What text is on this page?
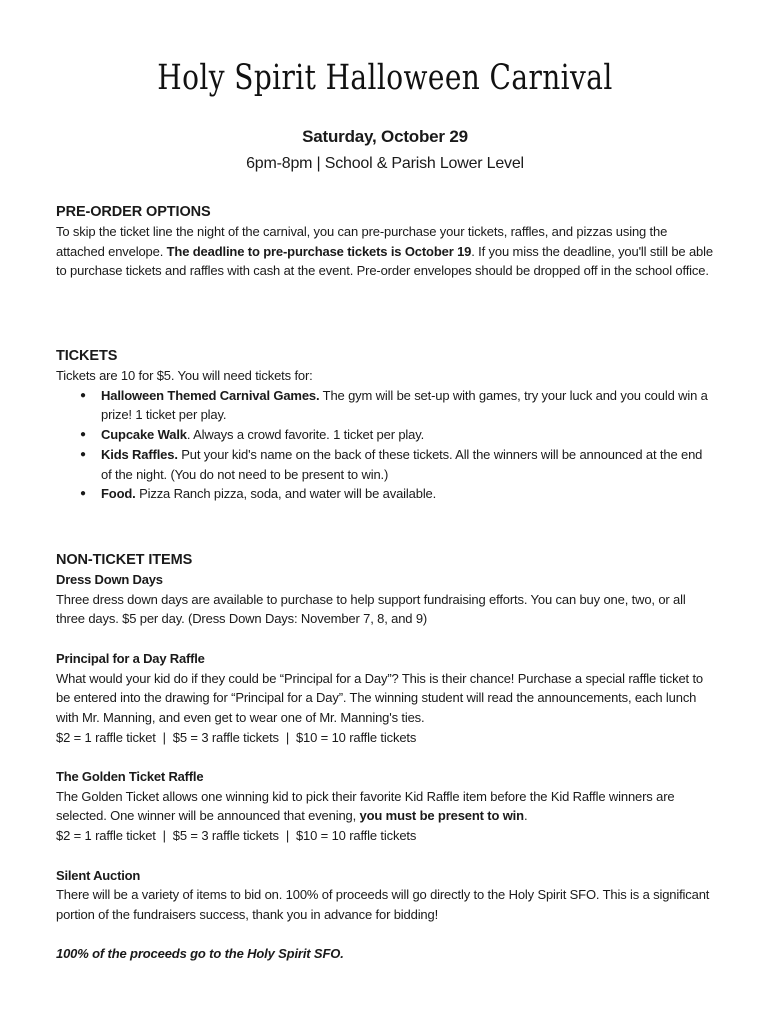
Holy Spirit Halloween Carnival
Saturday, October 29
6pm-8pm | School & Parish Lower Level
PRE-ORDER OPTIONS

To skip the ticket line the night of the carnival, you can pre-purchase your tickets, raffles, and pizzas using the attached envelope. The deadline to pre-purchase tickets is October 19. If you miss the deadline, you'll still be able to purchase tickets and raffles with cash at the event. Pre-order envelopes should be dropped off in the school office.

TICKETS

Tickets are 10 for $5. You will need tickets for:

● Halloween Themed Carnival Games. The gym will be set-up with games, try your luck and you could win a prize! 1 ticket per play.
● Cupcake Walk. Always a crowd favorite. 1 ticket per play.
● Kids Raffles. Put your kid's name on the back of these tickets. All the winners will be announced at the end of the night. (You do not need to be present to win.)
● Food. Pizza Ranch pizza, soda, and water will be available.
NON-TICKET ITEMS
Dress Down Days

Three dress down days are available to purchase to help support fundraising efforts. You can buy one, two, or all three days. $5 per day. (Dress Down Days: November 7, 8, and 9)

Principal for a Day Raffle

What would your kid do if they could be “Principal for a Day”? This is their chance! Purchase a special raffle ticket to be entered into the drawing for “Principal for a Day”. The winning student will read the announcements, each lunch with Mr. Manning, and even get to wear one of Mr. Manning's ties.

$2 = 1 raffle ticket  |  $5 = 3 raffle tickets  |  $10 = 10 raffle tickets

The Golden Ticket Raffle

The Golden Ticket allows one winning kid to pick their favorite Kid Raffle item before the Kid Raffle winners are selected. One winner will be announced that evening, you must be present to win.

$2 = 1 raffle ticket  |  $5 = 3 raffle tickets  |  $10 = 10 raffle tickets

Silent Auction

There will be a variety of items to bid on. 100% of proceeds will go directly to the Holy Spirit SFO. This is a significant portion of the fundraisers success, thank you in advance for bidding!

100% of the proceeds go to the Holy Spirit SFO.
